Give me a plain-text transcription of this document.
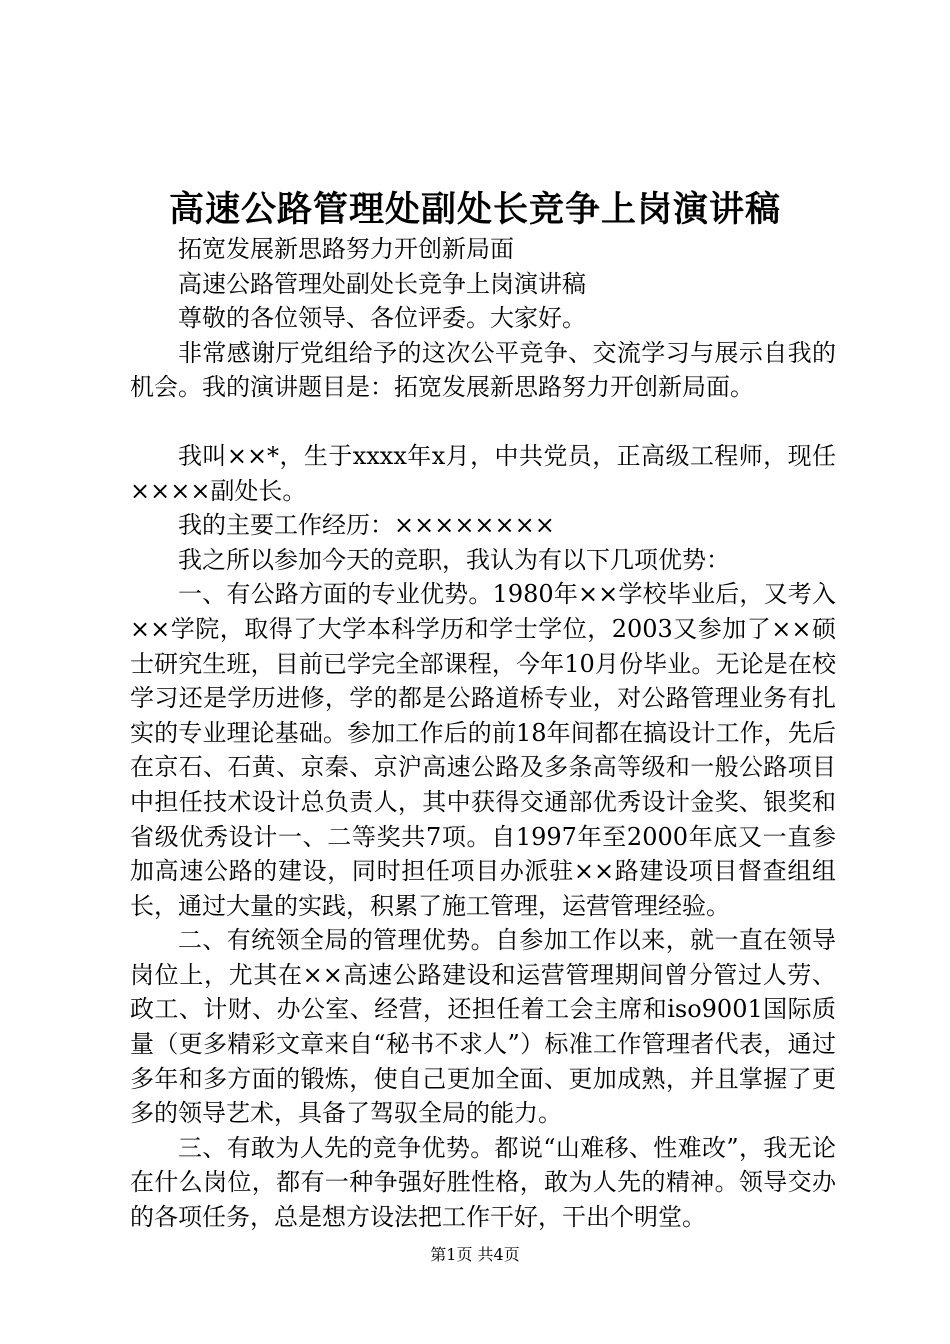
高速公路管理处副处长竞争上岗演讲稿

拓宽发展新思路努力开创新局面

高速公路管理处副处长竞争上岗演讲稿

尊敬的各位领导、各位评委。大家好。

非常感谢厅党组给予的这次公平竞争、交流学习与展示自我的机会。我的演讲题目是：拓宽发展新思路努力开创新局面。

我叫××*，生于xxxx年x月，中共党员，正高级工程师，现任××××副处长。

我的主要工作经历：××××××××

我之所以参加今天的竞职，我认为有以下几项优势：

一、有公路方面的专业优势。1980年××学校毕业后，又考入××学院，取得了大学本科学历和学士学位，2003又参加了××硕士研究生班，目前已学完全部课程，今年10月份毕业。无论是在校学习还是学历进修，学的都是公路道桥专业，对公路管理业务有扎实的专业理论基础。参加工作后的前18年间都在搞设计工作，先后在京石、石黄、京秦、京沪高速公路及多条高等级和一般公路项目中担任技术设计总负责人，其中获得交通部优秀设计金奖、银奖和省级优秀设计一、二等奖共7项。自1997年至2000年底又一直参加高速公路的建设，同时担任项目办派驻××路建设项目督查组组长，通过大量的实践，积累了施工管理，运营管理经验。

二、有统领全局的管理优势。自参加工作以来，就一直在领导岗位上，尤其在××高速公路建设和运营管理期间曾分管过人劳、政工、计财、办公室、经营，还担任着工会主席和iso9001国际质量（更多精彩文章来自“秘书不求人”）标准工作管理者代表，通过多年和多方面的锻炼，使自己更加全面、更加成熟，并且掌握了更多的领导艺术，具备了驾驭全局的能力。

三、有敢为人先的竞争优势。都说“山难移、性难改”，我无论在什么岗位，都有一种争强好胜性格，敢为人先的精神。领导交办的各项任务，总是想方设法把工作干好，干出个明堂。

第1页 共4页
